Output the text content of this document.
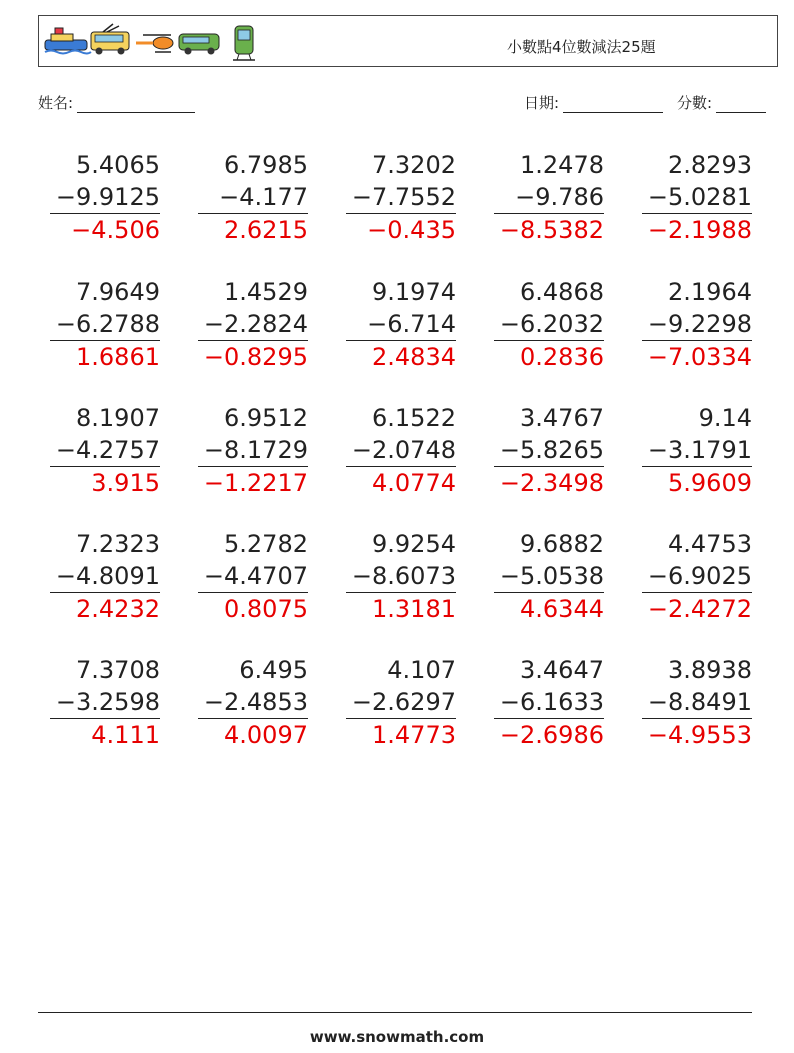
小數點4位數減法25題
姓名:	日期:	分數:
5.4065
−9.9125
−4.506
6.7985
−4.177
2.6215
7.3202
−7.7552
−0.435
1.2478
−9.786
−8.5382
2.8293
−5.0281
−2.1988
7.9649
−6.2788
1.6861
1.4529
−2.2824
−0.8295
9.1974
−6.714
2.4834
6.4868
−6.2032
0.2836
2.1964
−9.2298
−7.0334
8.1907
−4.2757
3.915
6.9512
−8.1729
−1.2217
6.1522
−2.0748
4.0774
3.4767
−5.8265
−2.3498
9.14
−3.1791
5.9609
7.2323
−4.8091
2.4232
5.2782
−4.4707
0.8075
9.9254
−8.6073
1.3181
9.6882
−5.0538
4.6344
4.4753
−6.9025
−2.4272
7.3708
−3.2598
4.111
6.495
−2.4853
4.0097
4.107
−2.6297
1.4773
3.4647
−6.1633
−2.6986
3.8938
−8.8491
−4.9553
www.snowmath.com
